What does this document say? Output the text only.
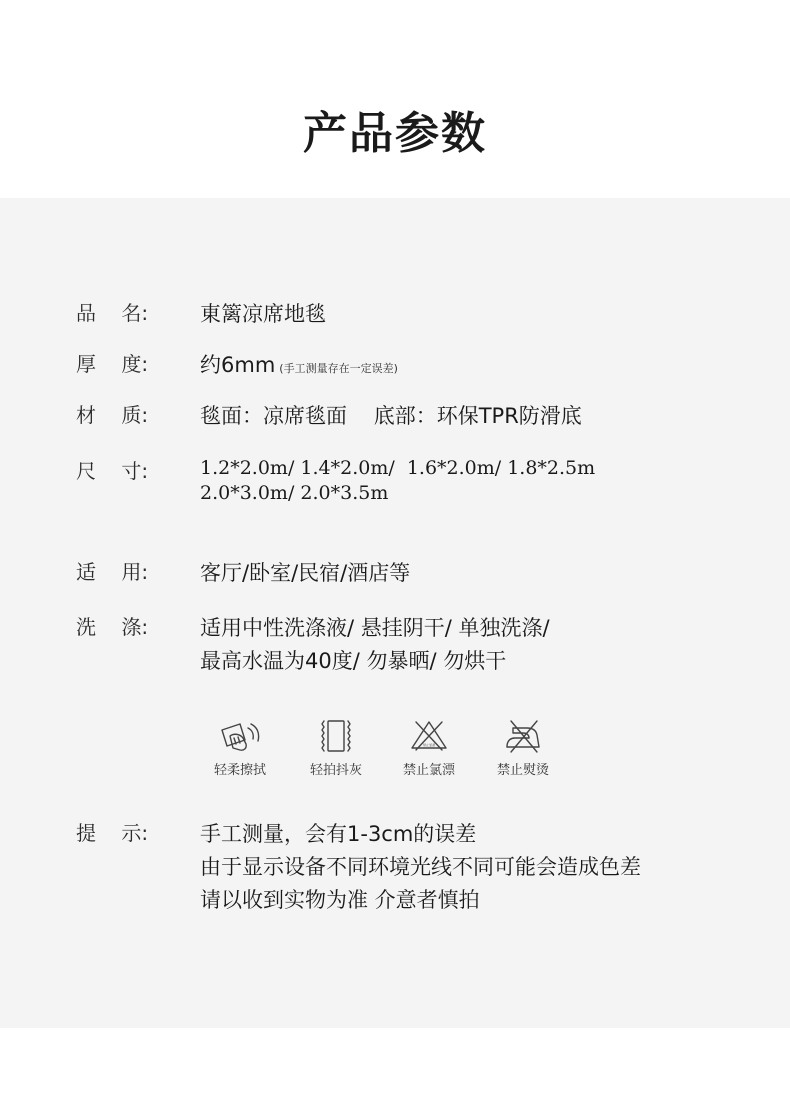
产品参数
品    名:	東篱凉席地毯
厚    度:	约6mm (手工测量存在一定误差)
材    质:	毯面：凉席毯面    底部：环保TPR防滑底
尺    寸:	1.2*2.0m/ 1.4*2.0m/  1.6*2.0m/ 1.8*2.5m
2.0*3.0m/ 2.0*3.5m
适    用:	客厅/卧室/民宿/酒店等
洗    涤:	适用中性洗涤液/ 悬挂阴干/ 单独洗涤/
最高水温为40度/ 勿暴晒/ 勿烘干
提    示:	手工测量，会有1-3cm的误差
由于显示设备不同环境光线不同可能会造成色差
请以收到实物为准 介意者慎拍
轻柔擦拭	轻拍抖灰
禁止氯漂
禁止氯漂	禁止熨烫
